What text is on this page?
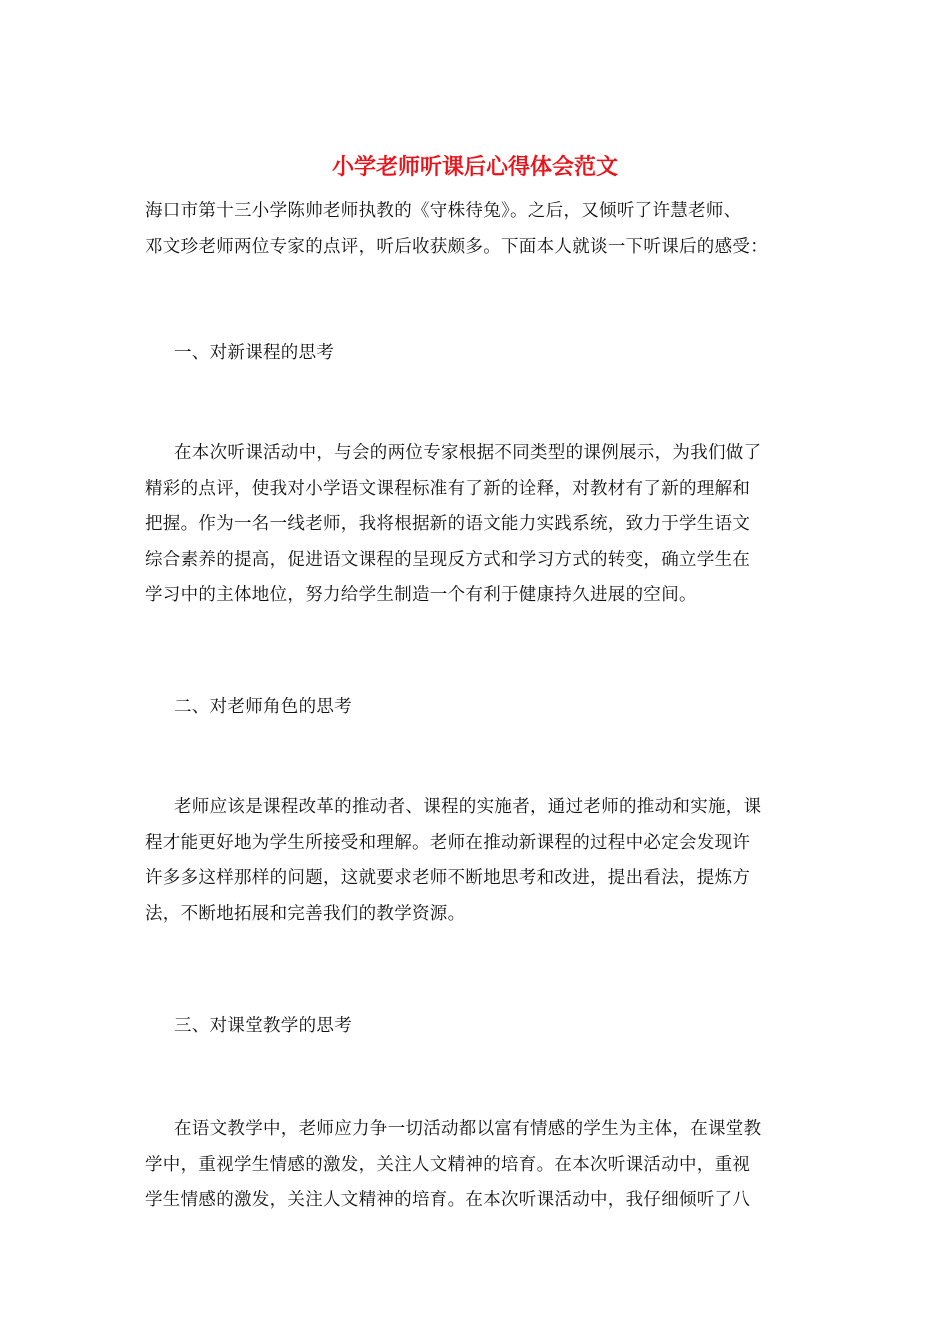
小学老师听课后心得体会范文

海口市第十三小学陈帅老师执教的《守株待兔》。之后，又倾听了许慧老师、
邓文珍老师两位专家的点评，听后收获颇多。下面本人就谈一下听课后的感受：

一、对新课程的思考

在本次听课活动中，与会的两位专家根据不同类型的课例展示，为我们做了
精彩的点评，使我对小学语文课程标准有了新的诠释，对教材有了新的理解和
把握。作为一名一线老师，我将根据新的语文能力实践系统，致力于学生语文
综合素养的提高，促进语文课程的呈现反方式和学习方式的转变，确立学生在
学习中的主体地位，努力给学生制造一个有利于健康持久进展的空间。

二、对老师角色的思考

老师应该是课程改革的推动者、课程的实施者，通过老师的推动和实施，课
程才能更好地为学生所接受和理解。老师在推动新课程的过程中必定会发现许
许多多这样那样的问题，这就要求老师不断地思考和改进，提出看法，提炼方
法，不断地拓展和完善我们的教学资源。

三、对课堂教学的思考

在语文教学中，老师应力争一切活动都以富有情感的学生为主体，在课堂教
学中，重视学生情感的激发，关注人文精神的培育。在本次听课活动中，重视
学生情感的激发，关注人文精神的培育。在本次听课活动中，我仔细倾听了八
